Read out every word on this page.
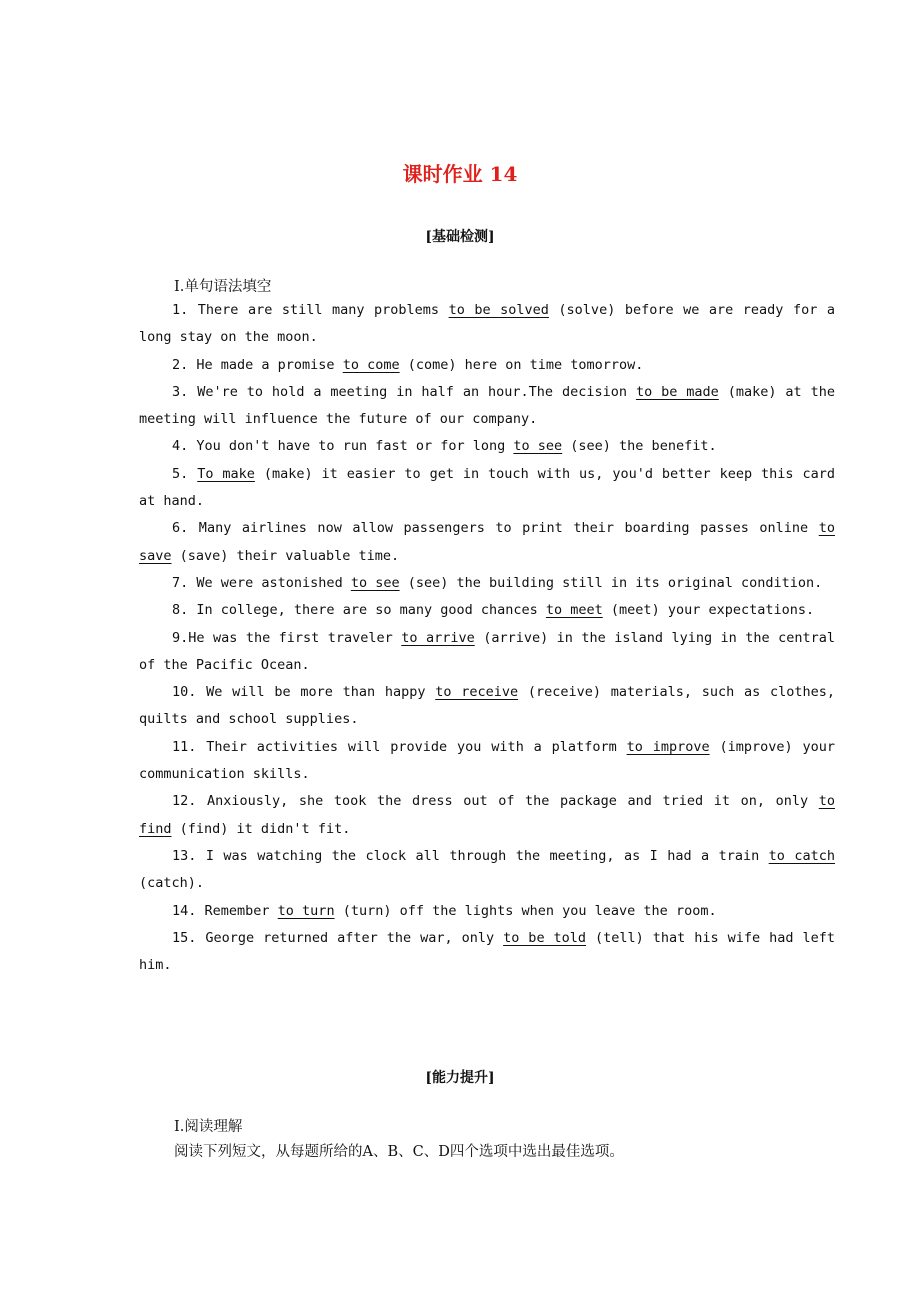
课时作业 14
[基础检测]
Ⅰ.单句语法填空

1. There are still many problems to be solved (solve) before we are ready for a long stay on the moon.

2. He made a promise to come (come) here on time tomorrow.

3. We're to hold a meeting in half an hour.The decision to be made (make) at the meeting will influence the future of our company.

4. You don't have to run fast or for long to see (see) the benefit.

5. To make (make) it easier to get in touch with us, you'd better keep this card at hand.

6. Many airlines now allow passengers to print their boarding passes online to save (save) their valuable time.

7. We were astonished to see (see) the building still in its original condition.

8. In college, there are so many good chances to meet (meet) your expectations.

9.He was the first traveler to arrive (arrive) in the island lying in the central of the Pacific Ocean.

10. We will be more than happy to receive (receive) materials, such as clothes, quilts and school supplies.

11. Their activities will provide you with a platform to improve (improve) your communication skills.

12. Anxiously, she took the dress out of the package and tried it on, only to find (find) it didn't fit.

13. I was watching the clock all through the meeting, as I had a train to catch (catch).

14. Remember to turn (turn) off the lights when you leave the room.

15. George returned after the war, only to be told (tell) that his wife had left him.

[能力提升]
Ⅰ.阅读理解
阅读下列短文，从每题所给的A、B、C、D四个选项中选出最佳选项。
